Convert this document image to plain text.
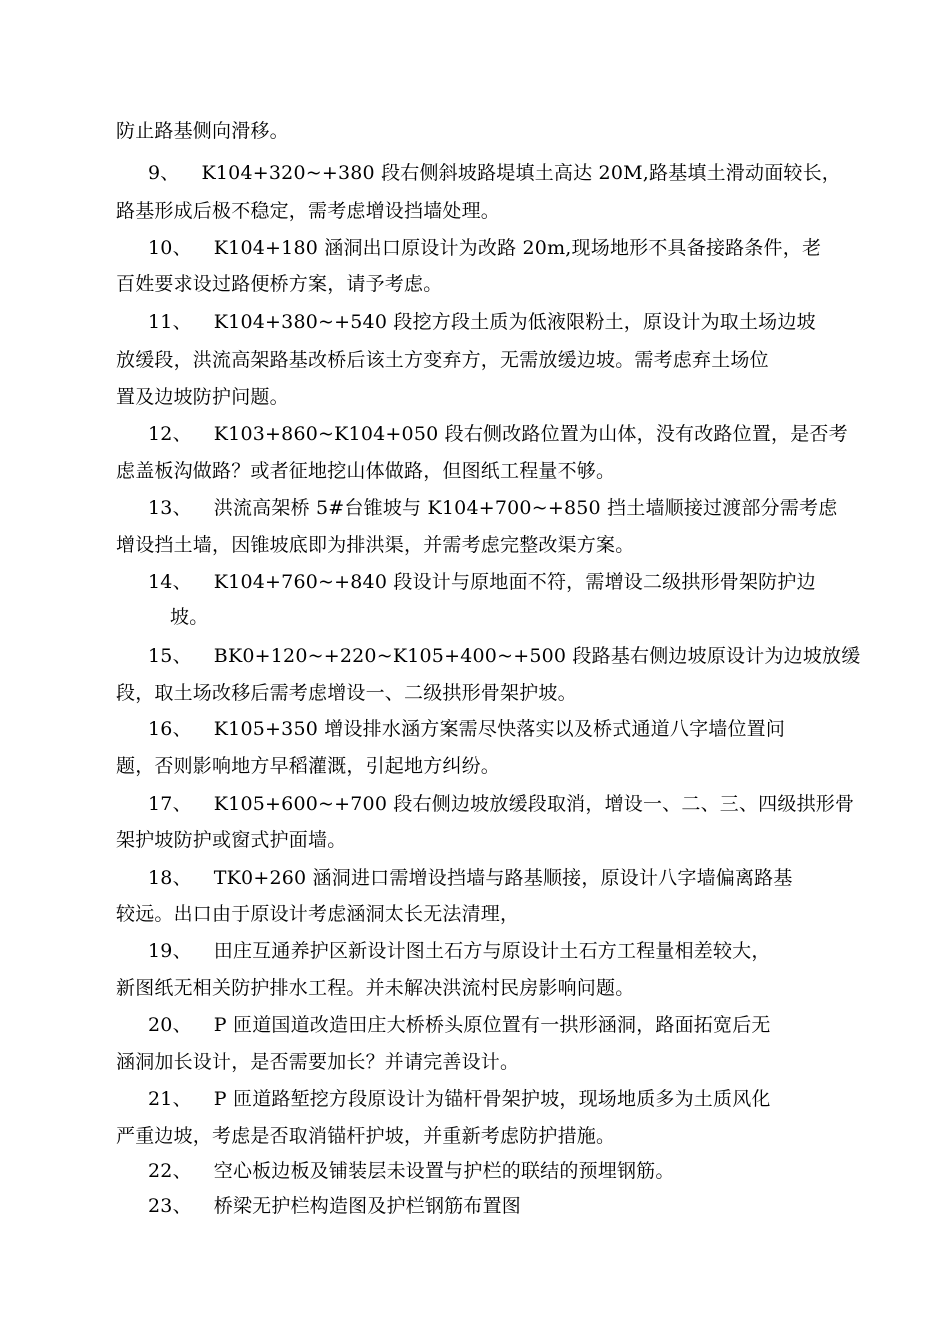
防止路基侧向滑移。
9、 K104+320~+380 段右侧斜坡路堤填土高达 20M,路基填土滑动面较长，
路基形成后极不稳定，需考虑增设挡墙处理。
10、 K104+180 涵洞出口原设计为改路 20m,现场地形不具备接路条件，老
百姓要求设过路便桥方案，请予考虑。
11、 K104+380~+540 段挖方段土质为低液限粉土，原设计为取土场边坡
放缓段，洪流高架路基改桥后该土方变弃方，无需放缓边坡。需考虑弃土场位
置及边坡防护问题。
12、 K103+860~K104+050 段右侧改路位置为山体，没有改路位置，是否考
虑盖板沟做路？或者征地挖山体做路，但图纸工程量不够。
13、 洪流高架桥 5#台锥坡与 K104+700~+850 挡土墙顺接过渡部分需考虑
增设挡土墙，因锥坡底即为排洪渠，并需考虑完整改渠方案。
14、 K104+760~+840 段设计与原地面不符，需增设二级拱形骨架防护边
坡。
15、 BK0+120~+220~K105+400~+500 段路基右侧边坡原设计为边坡放缓
段，取土场改移后需考虑增设一、二级拱形骨架护坡。
16、 K105+350 增设排水涵方案需尽快落实以及桥式通道八字墙位置问
题，否则影响地方早稻灌溉，引起地方纠纷。
17、 K105+600~+700 段右侧边坡放缓段取消，增设一、二、三、四级拱形骨
架护坡防护或窗式护面墙。
18、 TK0+260 涵洞进口需增设挡墙与路基顺接，原设计八字墙偏离路基
较远。出口由于原设计考虑涵洞太长无法清理，
19、 田庄互通养护区新设计图土石方与原设计土石方工程量相差较大，
新图纸无相关防护排水工程。并未解决洪流村民房影响问题。
20、 P 匝道国道改造田庄大桥桥头原位置有一拱形涵洞，路面拓宽后无
涵洞加长设计，是否需要加长？并请完善设计。
21、 P 匝道路堑挖方段原设计为锚杆骨架护坡，现场地质多为土质风化
严重边坡，考虑是否取消锚杆护坡，并重新考虑防护措施。
22、 空心板边板及铺装层未设置与护栏的联结的预埋钢筋。
23、 桥梁无护栏构造图及护栏钢筋布置图
